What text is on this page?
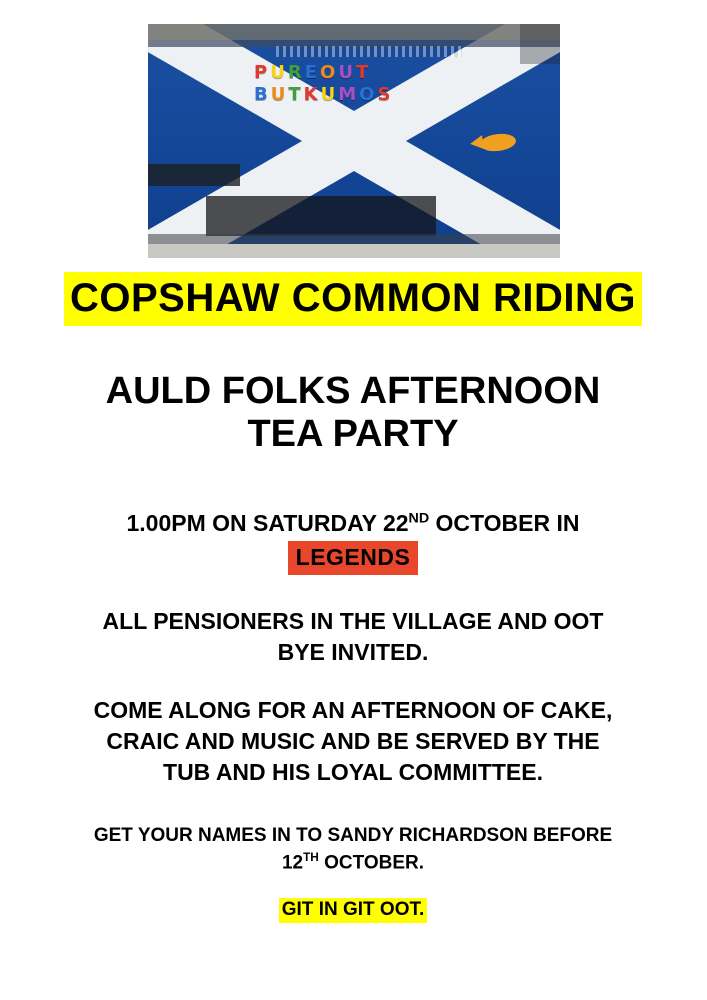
P U R E O U T
B U T K U M O S
COPSHAW COMMON RIDING
AULD FOLKS AFTERNOON
TEA PARTY
1.00PM ON SATURDAY 22ND OCTOBER IN
LEGENDS
ALL PENSIONERS IN THE VILLAGE AND OOT
BYE INVITED.
COME ALONG FOR AN AFTERNOON OF CAKE,
CRAIC AND MUSIC AND BE SERVED BY THE
TUB AND HIS LOYAL COMMITTEE.
GET YOUR NAMES IN TO SANDY RICHARDSON BEFORE
12TH OCTOBER.
GIT IN GIT OOT.
